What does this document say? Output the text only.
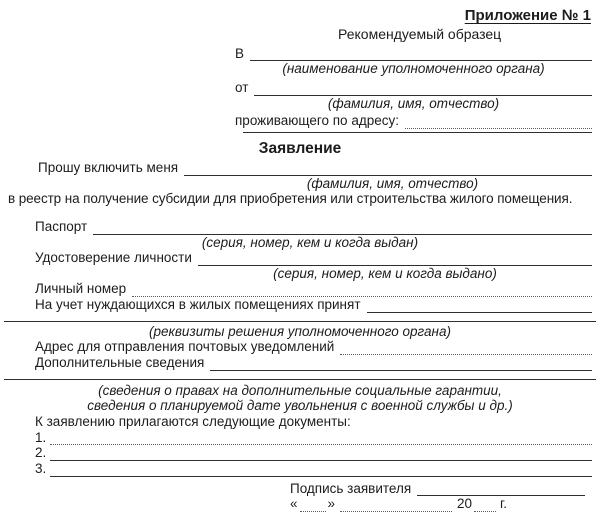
Приложение № 1
Рекомендуемый образец
В
(наименование уполномоченного органа)
от
(фамилия, имя, отчество)
проживающего по адресу:
Заявление
Прошу включить меня
(фамилия, имя, отчество)
в реестр на получение субсидии для приобретения или строительства жилого помещения.
Паспорт
(серия, номер, кем и когда выдан)
Удостоверение личности
(серия, номер, кем и когда выдано)
Личный номер
На учет нуждающихся в жилых помещениях принят
(реквизиты решения уполномоченного органа)
Адрес для отправления почтовых уведомлений
Дополнительные сведения
(сведения о правах на дополнительные социальные гарантии,
сведения о планируемой дате увольнения с военной службы и др.)
К заявлению прилагаются следующие документы:
1.
2.
3.
Подпись заявителя
« »	20 г.
